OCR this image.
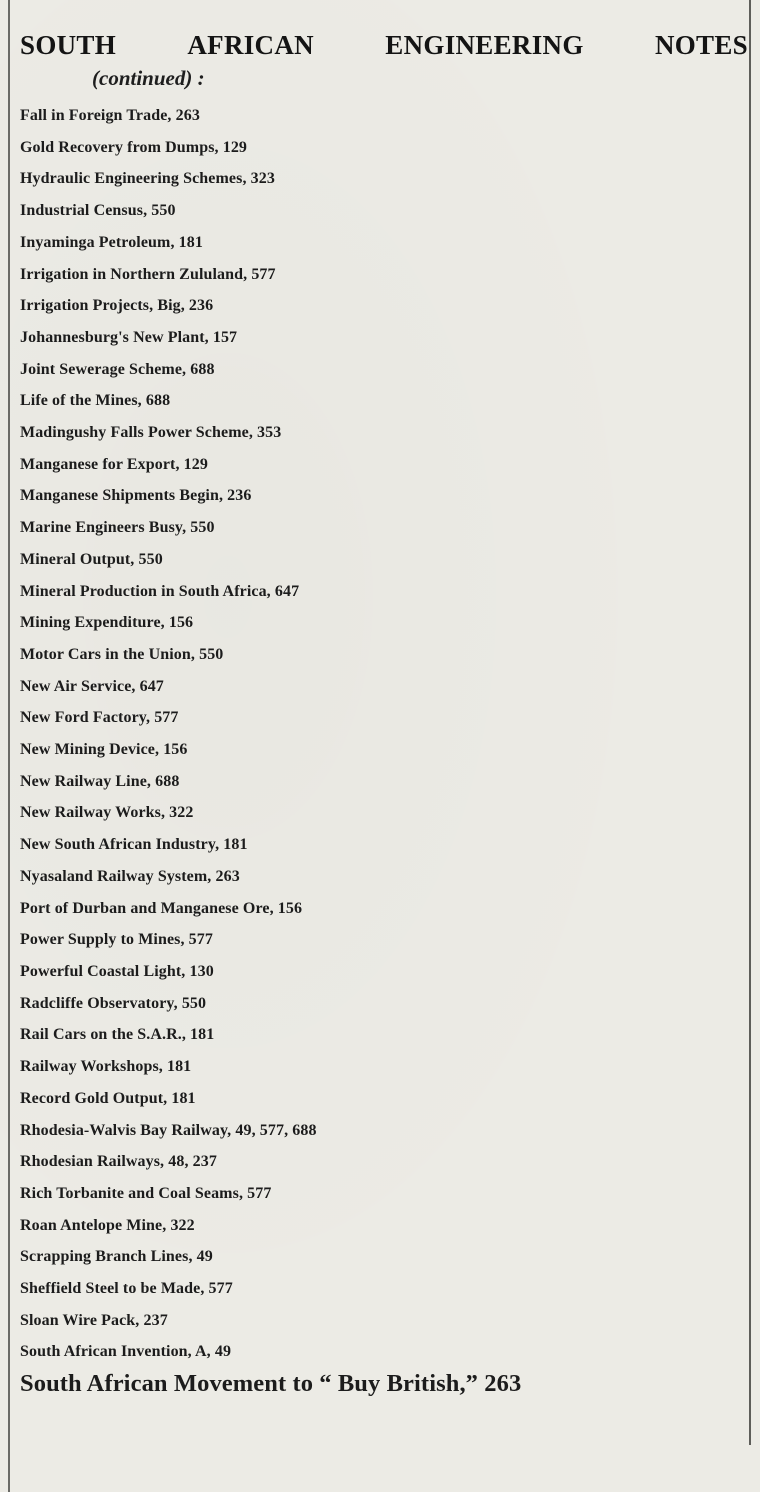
SOUTH	AFRICAN	ENGINEERING	NOTES
(continued) :
Fall in Foreign Trade, 263
Gold Recovery from Dumps, 129
Hydraulic Engineering Schemes, 323
Industrial Census, 550
Inyaminga Petroleum, 181
Irrigation in Northern Zululand, 577
Irrigation Projects, Big, 236
Johannesburg's New Plant, 157
Joint Sewerage Scheme, 688
Life of the Mines, 688
Madingushy Falls Power Scheme, 353
Manganese for Export, 129
Manganese Shipments Begin, 236
Marine Engineers Busy, 550
Mineral Output, 550
Mineral Production in South Africa, 647
Mining Expenditure, 156
Motor Cars in the Union, 550
New Air Service, 647
New Ford Factory, 577
New Mining Device, 156
New Railway Line, 688
New Railway Works, 322
New South African Industry, 181
Nyasaland Railway System, 263
Port of Durban and Manganese Ore, 156
Power Supply to Mines, 577
Powerful Coastal Light, 130
Radcliffe Observatory, 550
Rail Cars on the S.A.R., 181
Railway Workshops, 181
Record Gold Output, 181
Rhodesia-Walvis Bay Railway, 49, 577, 688
Rhodesian Railways, 48, 237
Rich Torbanite and Coal Seams, 577
Roan Antelope Mine, 322
Scrapping Branch Lines, 49
Sheffield Steel to be Made, 577
Sloan Wire Pack, 237
South African Invention, A, 49
South African Movement to “ Buy British,” 263
